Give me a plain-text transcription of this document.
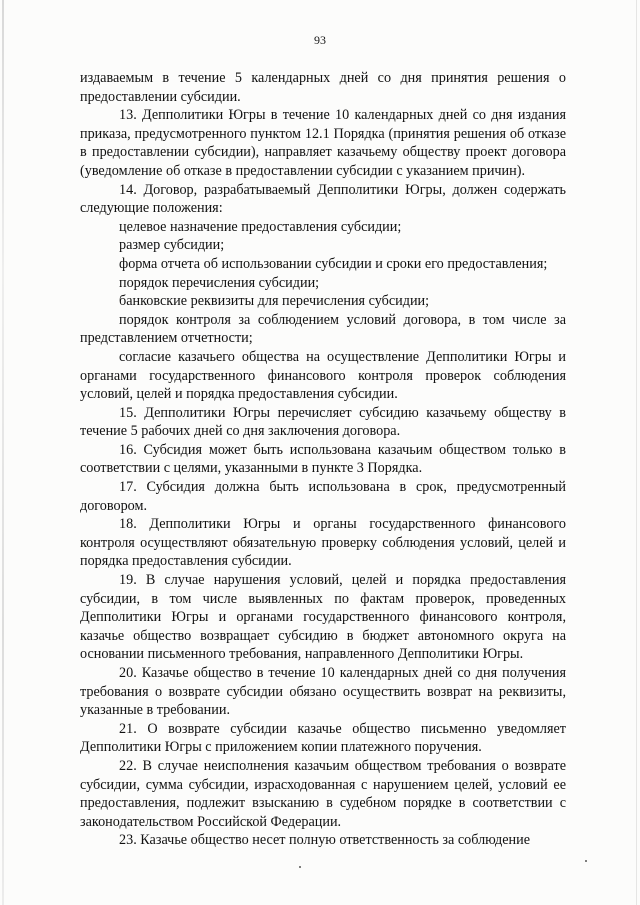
93

издаваемым в течение 5 календарных дней со дня принятия решения о предоставлении субсидии.

13. Депполитики Югры в течение 10 календарных дней со дня издания приказа, предусмотренного пунктом 12.1 Порядка (принятия решения об отказе в предоставлении субсидии), направляет казачьему обществу проект договора (уведомление об отказе в предоставлении субсидии с указанием причин).

14. Договор, разрабатываемый Депполитики Югры, должен содержать следующие положения:

целевое назначение предоставления субсидии;

размер субсидии;

форма отчета об использовании субсидии и сроки его предоставления;

порядок перечисления субсидии;

банковские реквизиты для перечисления субсидии;

порядок контроля за соблюдением условий договора, в том числе за представлением отчетности;

согласие казачьего общества на осуществление Депполитики Югры и органами государственного финансового контроля проверок соблюдения условий, целей и порядка предоставления субсидии.

15. Депполитики Югры перечисляет субсидию казачьему обществу в течение 5 рабочих дней со дня заключения договора.

16. Субсидия может быть использована казачьим обществом только в соответствии с целями, указанными в пункте 3 Порядка.

17. Субсидия должна быть использована в срок, предусмотренный договором.

18. Депполитики Югры и органы государственного финансового контроля осуществляют обязательную проверку соблюдения условий, целей и порядка предоставления субсидии.

19. В случае нарушения условий, целей и порядка предоставления субсидии, в том числе выявленных по фактам проверок, проведенных Депполитики Югры и органами государственного финансового контроля, казачье общество возвращает субсидию в бюджет автономного округа на основании письменного требования, направленного Депполитики Югры.

20. Казачье общество в течение 10 календарных дней со дня получения требования о возврате субсидии обязано осуществить возврат на реквизиты, указанные в требовании.

21. О возврате субсидии казачье общество письменно уведомляет Депполитики Югры с приложением копии платежного поручения.

22. В случае неисполнения казачьим обществом требования о возврате субсидии, сумма субсидии, израсходованная с нарушением целей, условий ее предоставления, подлежит взысканию в судебном порядке в соответствии с законодательством Российской Федерации.

23. Казачье общество несет полную ответственность за соблюдение
